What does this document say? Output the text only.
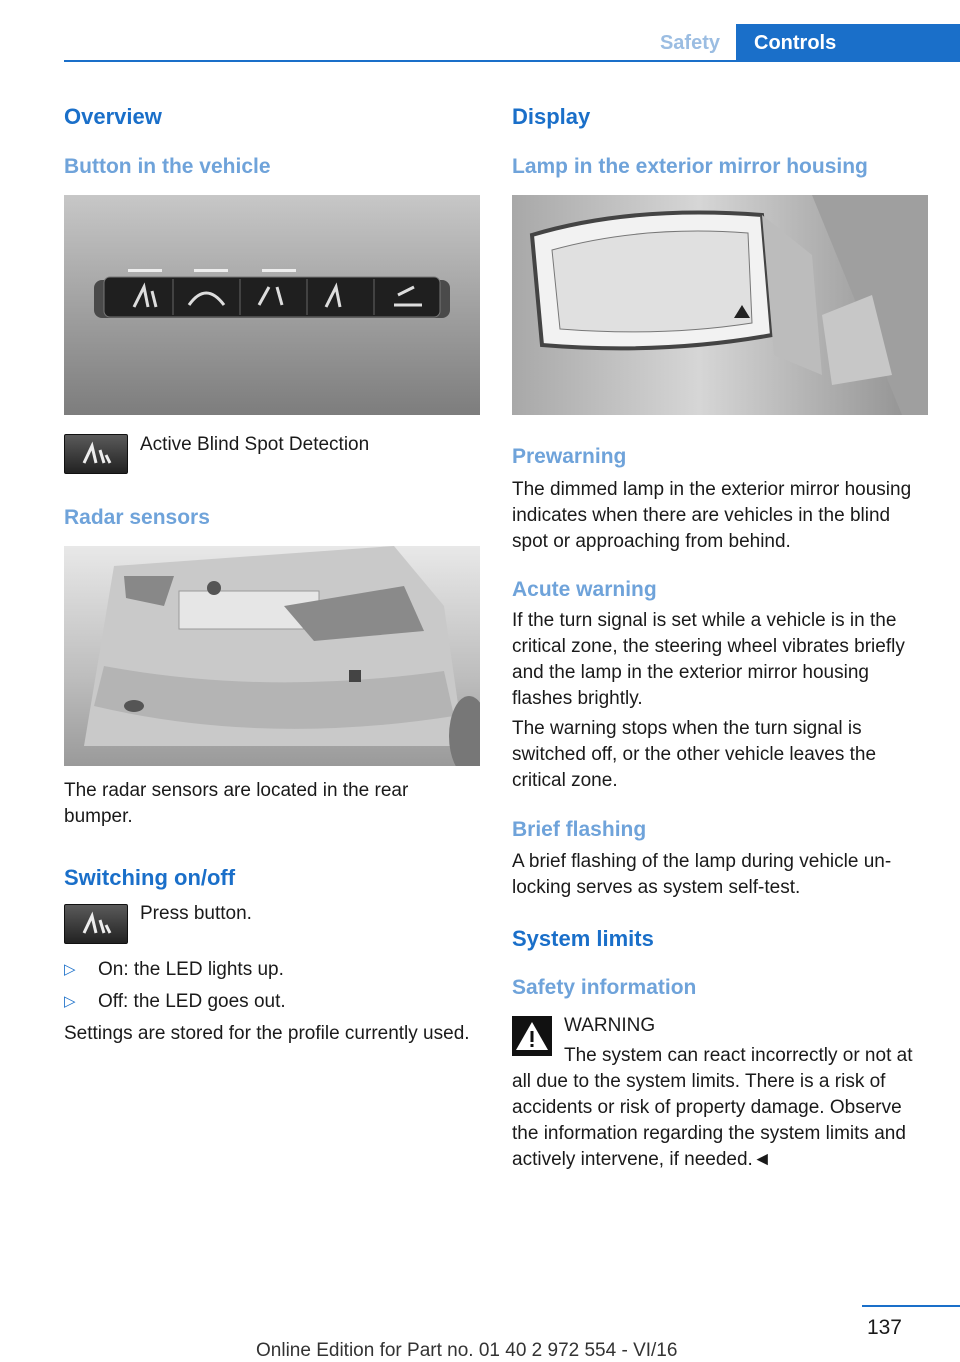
Safety	Controls
Overview
Button in the vehicle

Active Blind Spot Detection

Radar sensors

The radar sensors are located in the rear bumper.

Switching on/off

Press button.

▷	On: the LED lights up.
▷	Off: the LED goes out.

Settings are stored for the profile currently used.

Display
Lamp in the exterior mirror housing
Prewarning

The dimmed lamp in the exterior mirror housing indicates when there are vehicles in the blind spot or approaching from behind.

Acute warning

If the turn signal is set while a vehicle is in the critical zone, the steering wheel vibrates briefly and the lamp in the exterior mirror housing flashes brightly.

The warning stops when the turn signal is switched off, or the other vehicle leaves the critical zone.

Brief flashing

A brief flashing of the lamp during vehicle unlocking serves as system self-test.

System limits
Safety information

WARNING

The system can react incorrectly or not at all due to the system limits. There is a risk of accidents or risk of property damage. Observe the information regarding the system limits and actively intervene, if needed.◄

137
Online Edition for Part no. 01 40 2 972 554 - VI/16
